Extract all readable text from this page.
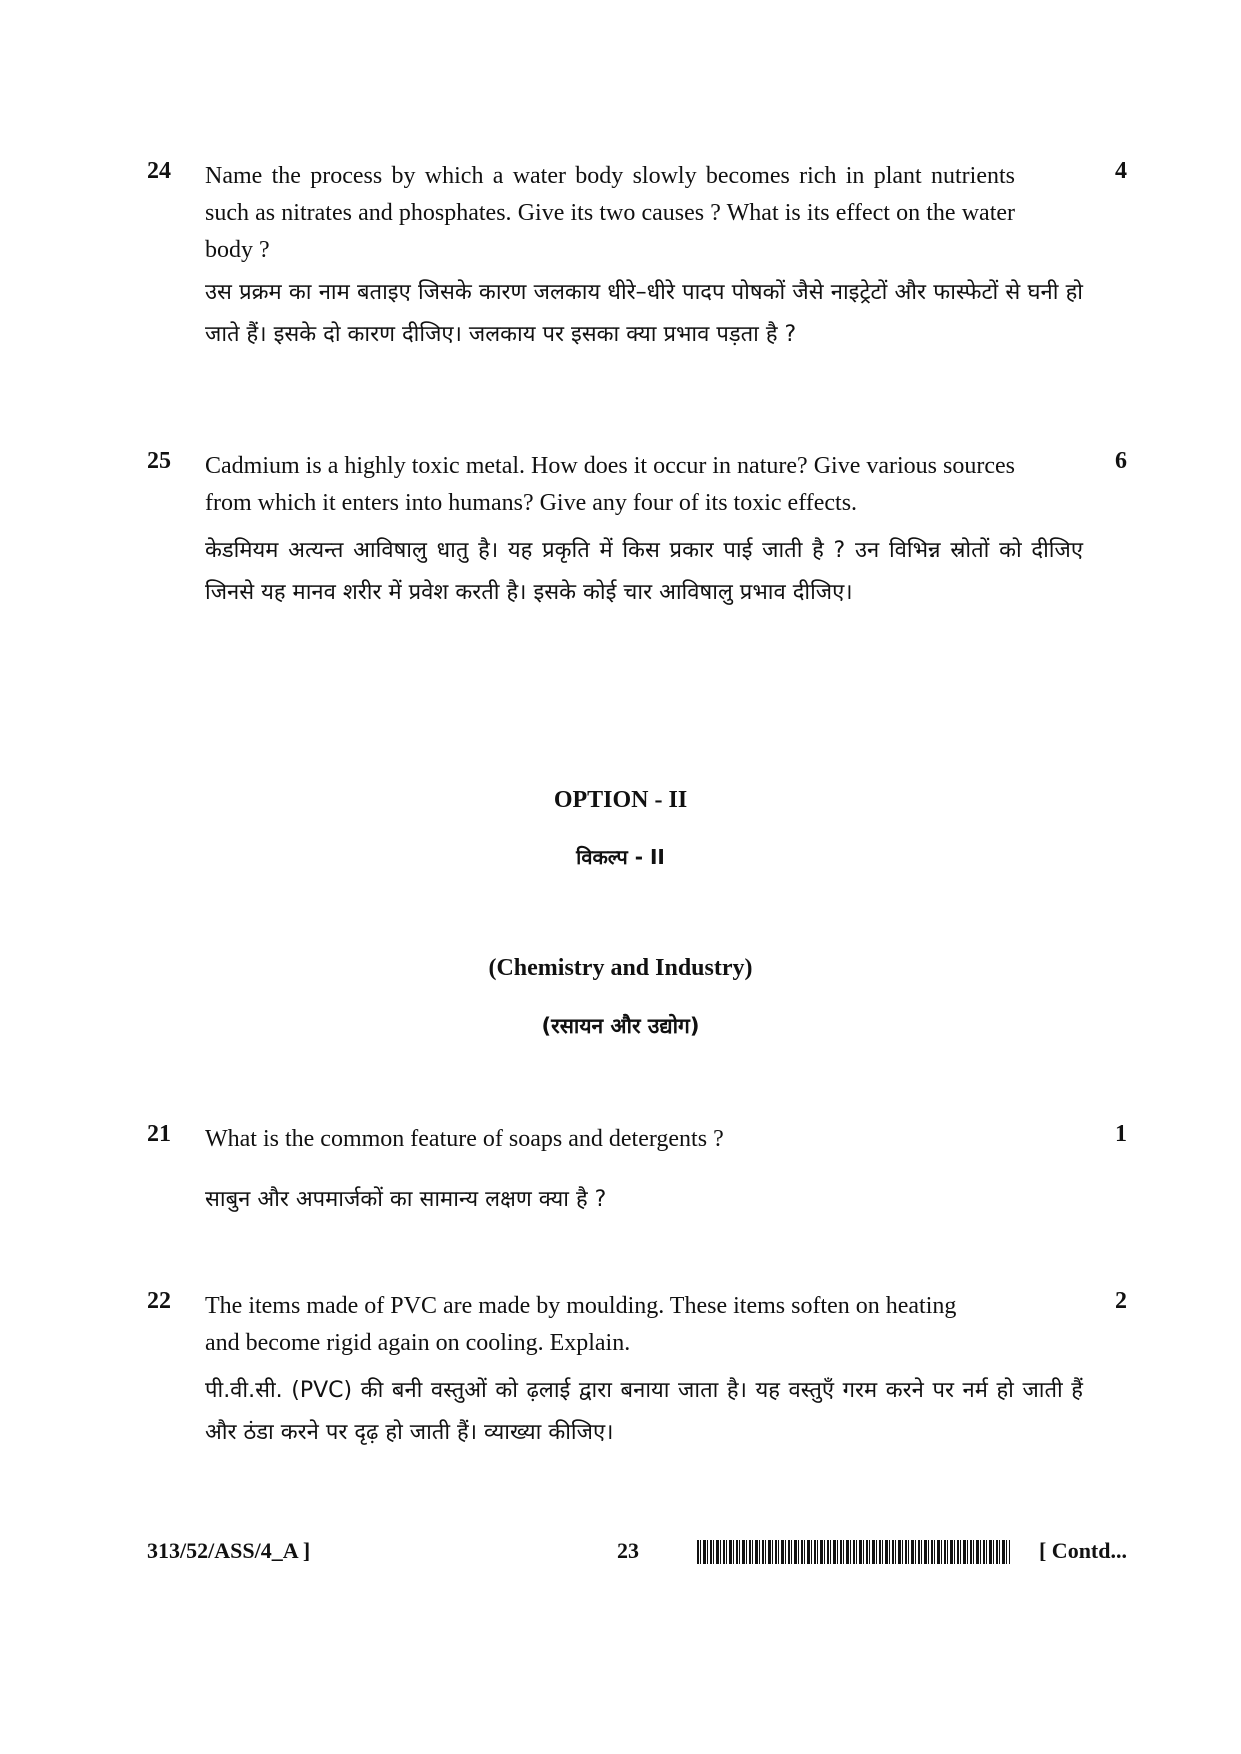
24 Name the process by which a water body slowly becomes rich in plant nutrients such as nitrates and phosphates. Give its two causes ? What is its effect on the water body ?
4
उस प्रक्रम का नाम बताइए जिसके कारण जलकाय धीरे–धीरे पादप पोषकों जैसे नाइट्रेटों और फास्फेटों से घनी हो जाते हैं। इसके दो कारण दीजिए। जलकाय पर इसका क्या प्रभाव पड़ता है ?
25 Cadmium is a highly toxic metal. How does it occur in nature? Give various sources from which it enters into humans? Give any four of its toxic effects.
6
केडमियम अत्यन्त आविषालु धातु है। यह प्रकृति में किस प्रकार पाई जाती है ? उन विभिन्न स्रोतों को दीजिए जिनसे यह मानव शरीर में प्रवेश करती है। इसके कोई चार आविषालु प्रभाव दीजिए।
OPTION - II
विकल्प - II
(Chemistry and Industry)
(रसायन और उद्योग)
21 What is the common feature of soaps and detergents ?	1
साबुन और अपमार्जकों का सामान्य लक्षण क्या है ?
22 The items made of PVC are made by moulding. These items soften on heating and become rigid again on cooling. Explain.
2
पी.वी.सी. (PVC) की बनी वस्तुओं को ढ़लाई द्वारा बनाया जाता है। यह वस्तुएँ गरम करने पर नर्म हो जाती हैं और ठंडा करने पर दृढ़ हो जाती हैं। व्याख्या कीजिए।
313/52/ASS/4_A ]	23	[ Contd...
